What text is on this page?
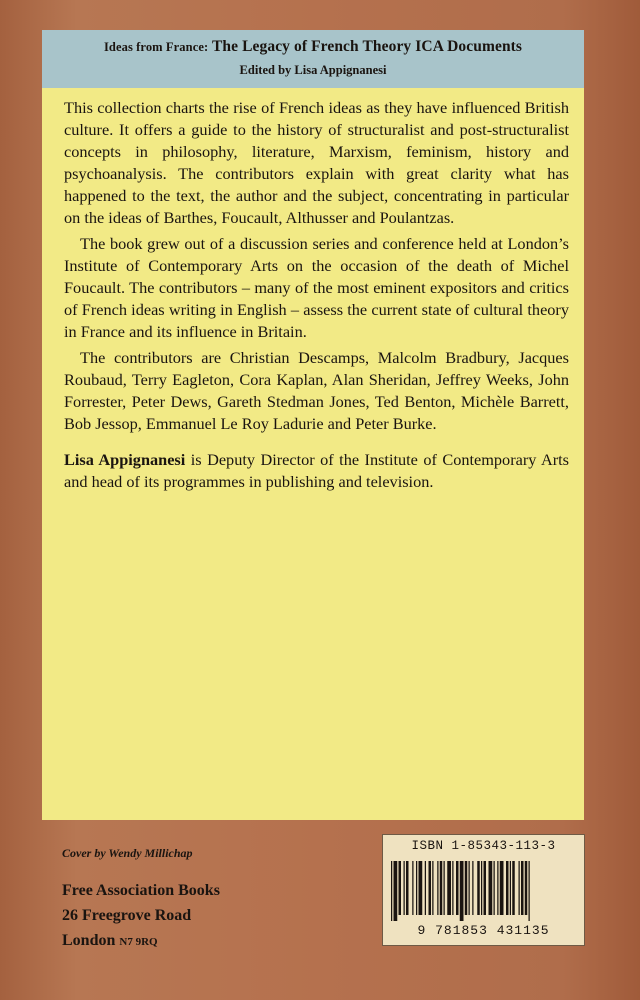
Ideas from France: The Legacy of French Theory ICA Documents
Edited by Lisa Appignanesi

This collection charts the rise of French ideas as they have influenced British culture. It offers a guide to the history of structuralist and post-structuralist concepts in philosophy, literature, Marxism, feminism, history and psychoanalysis. The contributors explain with great clarity what has happened to the text, the author and the subject, concentrating in particular on the ideas of Barthes, Foucault, Althusser and Poulantzas.

The book grew out of a discussion series and conference held at London’s Institute of Contemporary Arts on the occasion of the death of Michel Foucault. The contributors – many of the most eminent expositors and critics of French ideas writing in English – assess the current state of cultural theory in France and its influence in Britain.

The contributors are Christian Descamps, Malcolm Bradbury, Jacques Roubaud, Terry Eagleton, Cora Kaplan, Alan Sheridan, Jeffrey Weeks, John Forrester, Peter Dews, Gareth Stedman Jones, Ted Benton, Michèle Barrett, Bob Jessop, Emmanuel Le Roy Ladurie and Peter Burke.

Lisa Appignanesi is Deputy Director of the Institute of Contemporary Arts and head of its programmes in publishing and television.

Cover by Wendy Millichap
Free Association Books
26 Freegrove Road
London N7 9RQ
ISBN 1-85343-113-3
9 781853 431135
